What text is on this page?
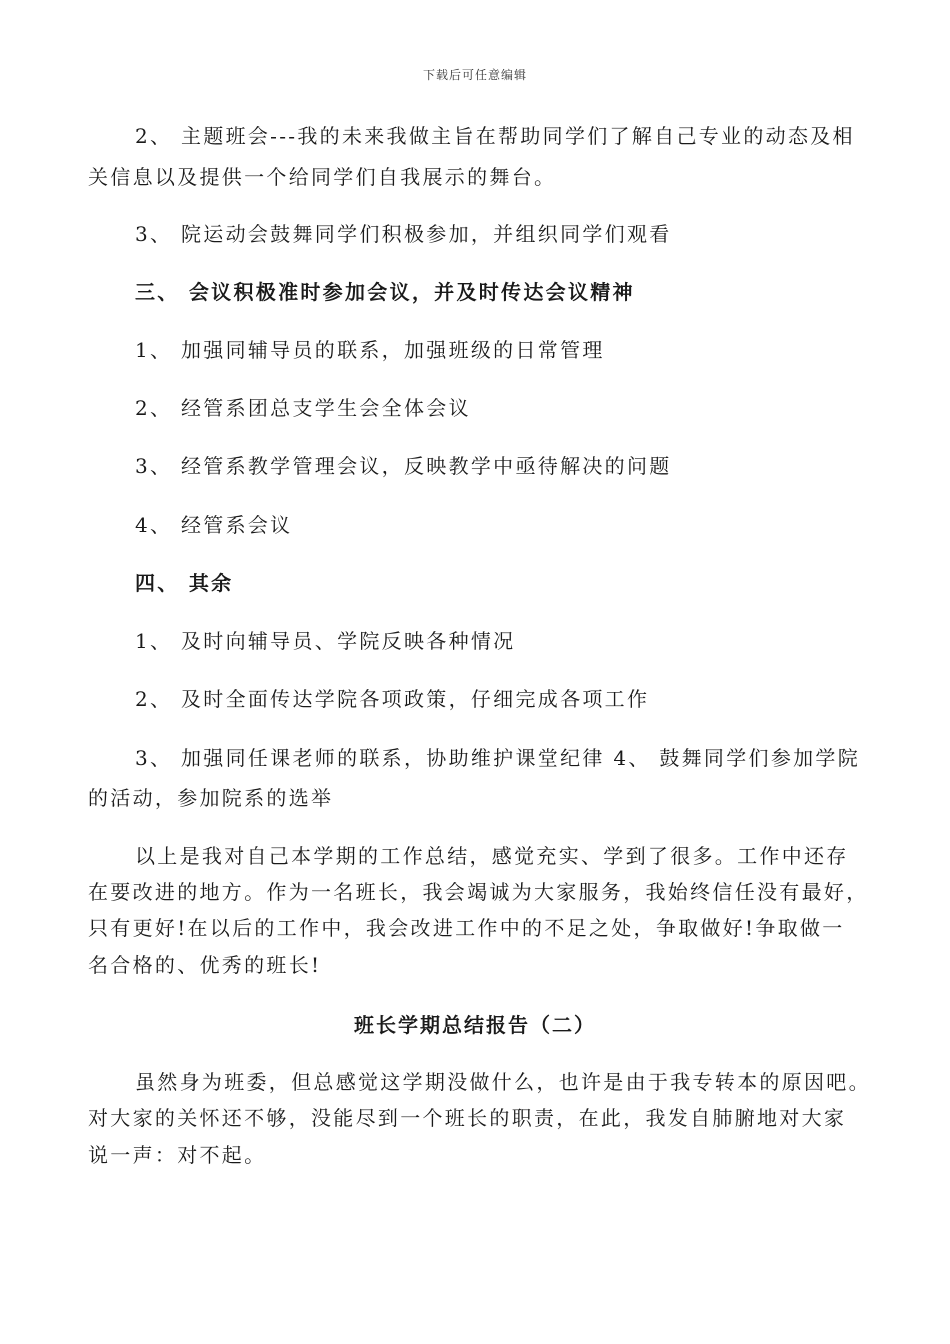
下载后可任意编辑
2、 主题班会---我的未来我做主旨在帮助同学们了解自己专业的动态及相
关信息以及提供一个给同学们自我展示的舞台。
3、 院运动会鼓舞同学们积极参加，并组织同学们观看
三、 会议积极准时参加会议，并及时传达会议精神
1、 加强同辅导员的联系，加强班级的日常管理
2、 经管系团总支学生会全体会议
3、 经管系教学管理会议，反映教学中亟待解决的问题
4、 经管系会议
四、 其余
1、 及时向辅导员、学院反映各种情况
2、 及时全面传达学院各项政策，仔细完成各项工作
3、 加强同任课老师的联系，协助维护课堂纪律 4、 鼓舞同学们参加学院
的活动，参加院系的选举
以上是我对自己本学期的工作总结，感觉充实、学到了很多。工作中还存
在要改进的地方。作为一名班长，我会竭诚为大家服务，我始终信任没有最好，
只有更好!在以后的工作中，我会改进工作中的不足之处，争取做好!争取做一
名合格的、优秀的班长!
班长学期总结报告（二）
虽然身为班委，但总感觉这学期没做什么，也许是由于我专转本的原因吧。
对大家的关怀还不够，没能尽到一个班长的职责，在此，我发自肺腑地对大家
说一声：对不起。
